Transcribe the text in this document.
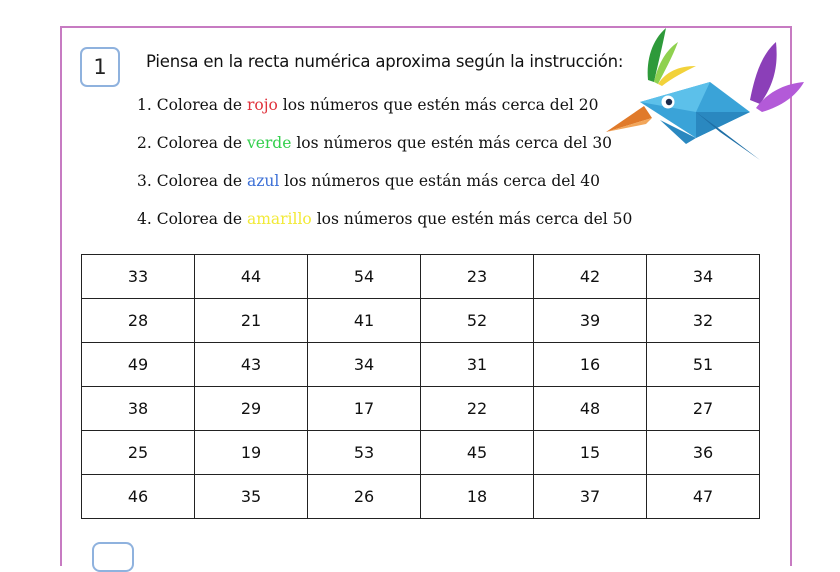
1 Piensa en la recta numérica aproxima según la instrucción:
1. Colorea de rojo los números que estén más cerca del 20
2. Colorea de verde los números que estén más cerca del 30
3. Colorea de azul los números que están más cerca del 40
4. Colorea de amarillo los números que estén más cerca del 50
33	44	54	23	42	34
28	21	41	52	39	32
49	43	34	31	16	51
38	29	17	22	48	27
25	19	53	45	15	36
46	35	26	18	37	47
